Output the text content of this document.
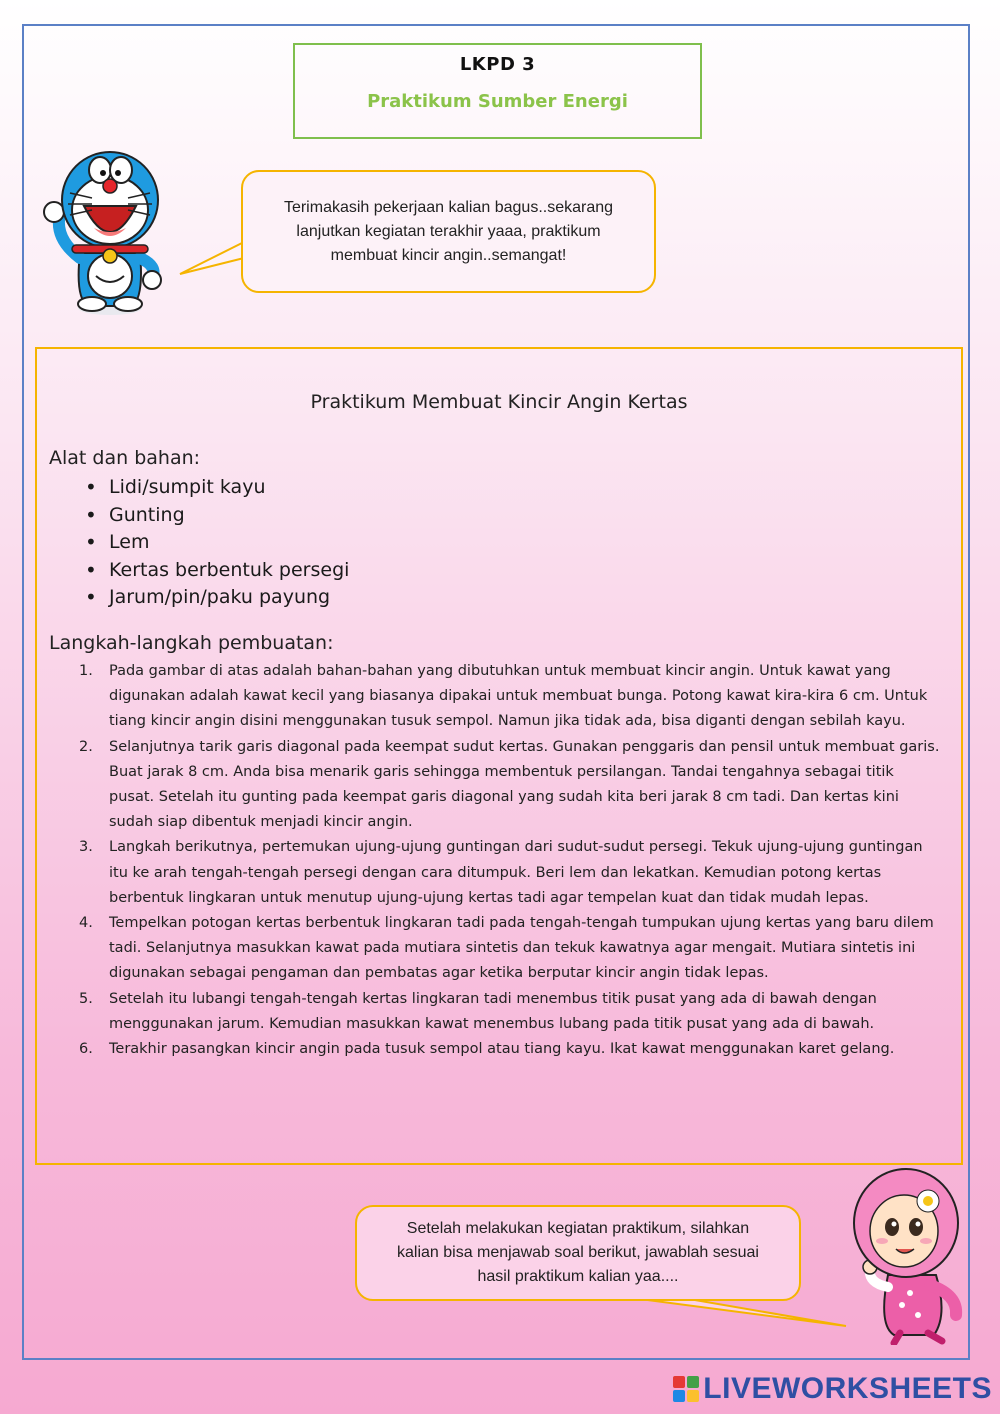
LKPD 3
Praktikum Sumber Energi
Terimakasih pekerjaan kalian bagus..sekarang
lanjutkan kegiatan terakhir yaaa, praktikum
membuat kincir angin..semangat!
Praktikum Membuat Kincir Angin Kertas
Alat dan bahan:
• Lidi/sumpit kayu
• Gunting
• Lem
• Kertas berbentuk persegi
• Jarum/pin/paku payung
Langkah-langkah pembuatan:
1. Pada gambar di atas adalah bahan-bahan yang dibutuhkan untuk membuat kincir angin. Untuk kawat yang digunakan adalah kawat kecil yang biasanya dipakai untuk membuat bunga. Potong kawat kira-kira 6 cm. Untuk tiang kincir angin disini menggunakan tusuk sempol. Namun jika tidak ada, bisa diganti dengan sebilah kayu.
2. Selanjutnya tarik garis diagonal pada keempat sudut kertas. Gunakan penggaris dan pensil untuk membuat garis. Buat jarak 8 cm. Anda bisa menarik garis sehingga membentuk persilangan. Tandai tengahnya sebagai titik pusat. Setelah itu gunting pada keempat garis diagonal yang sudah kita beri jarak 8 cm tadi. Dan kertas kini sudah siap dibentuk menjadi kincir angin.
3. Langkah berikutnya, pertemukan ujung-ujung guntingan dari sudut-sudut persegi. Tekuk ujung-ujung guntingan itu ke arah tengah-tengah persegi dengan cara ditumpuk. Beri lem dan lekatkan. Kemudian potong kertas berbentuk lingkaran untuk menutup ujung-ujung kertas tadi agar tempelan kuat dan tidak mudah lepas.
4. Tempelkan potogan kertas berbentuk lingkaran tadi pada tengah-tengah tumpukan ujung kertas yang baru dilem tadi. Selanjutnya masukkan kawat pada mutiara sintetis dan tekuk kawatnya agar mengait. Mutiara sintetis ini digunakan sebagai pengaman dan pembatas agar ketika berputar kincir angin tidak lepas.
5. Setelah itu lubangi tengah-tengah kertas lingkaran tadi menembus titik pusat yang ada di bawah dengan menggunakan jarum. Kemudian masukkan kawat menembus lubang pada titik pusat yang ada di bawah.
6. Terakhir pasangkan kincir angin pada tusuk sempol atau tiang kayu. Ikat kawat menggunakan karet gelang.
Setelah melakukan kegiatan praktikum, silahkan
kalian bisa menjawab soal berikut, jawablah sesuai
hasil praktikum kalian yaa....
LIVEWORKSHEETS
